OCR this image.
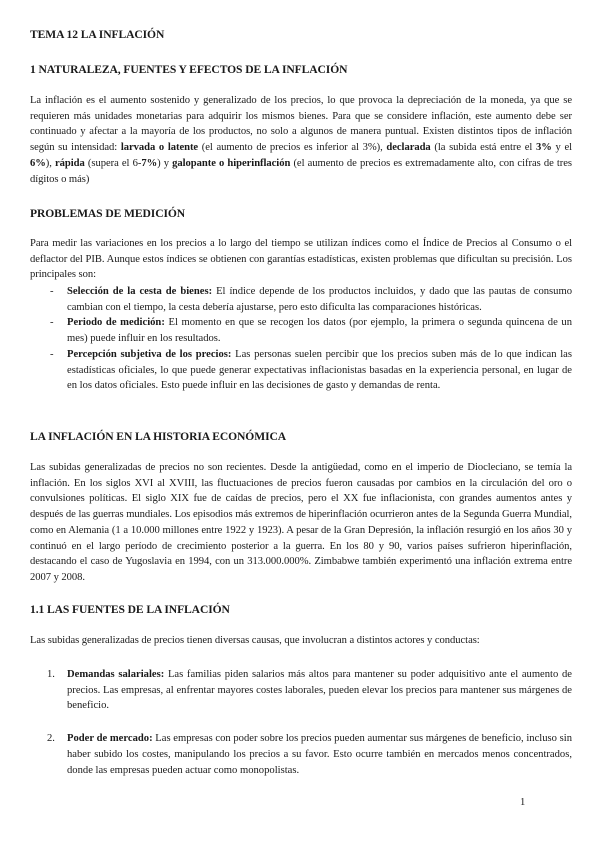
TEMA 12 LA INFLACIÓN
1 NATURALEZA, FUENTES Y EFECTOS DE LA INFLACIÓN

La inflación es el aumento sostenido y generalizado de los precios, lo que provoca la depreciación de la moneda, ya que se requieren más unidades monetarias para adquirir los mismos bienes. Para que se considere inflación, este aumento debe ser continuado y afectar a la mayoría de los productos, no solo a algunos de manera puntual. Existen distintos tipos de inflación según su intensidad: larvada o latente (el aumento de precios es inferior al 3%), declarada (la subida está entre el 3% y el 6%), rápida (supera el 6-7%) y galopante o hiperinflación (el aumento de precios es extremadamente alto, con cifras de tres dígitos o más)

PROBLEMAS DE MEDICIÓN

Para medir las variaciones en los precios a lo largo del tiempo se utilizan índices como el Índice de Precios al Consumo o el deflactor del PIB. Aunque estos índices se obtienen con garantías estadísticas, existen problemas que dificultan su precisión. Los principales son:

- Selección de la cesta de bienes: El índice depende de los productos incluidos, y dado que las pautas de consumo cambian con el tiempo, la cesta debería ajustarse, pero esto dificulta las comparaciones históricas.
- Periodo de medición: El momento en que se recogen los datos (por ejemplo, la primera o segunda quincena de un mes) puede influir en los resultados.
- Percepción subjetiva de los precios: Las personas suelen percibir que los precios suben más de lo que indican las estadísticas oficiales, lo que puede generar expectativas inflacionistas basadas en la experiencia personal, en lugar de en los datos oficiales. Esto puede influir en las decisiones de gasto y demandas de renta.
LA INFLACIÓN EN LA HISTORIA ECONÓMICA

Las subidas generalizadas de precios no son recientes. Desde la antigüedad, como en el imperio de Diocleciano, se temía la inflación. En los siglos XVI al XVIII, las fluctuaciones de precios fueron causadas por cambios en la circulación del oro o convulsiones políticas. El siglo XIX fue de caídas de precios, pero el XX fue inflacionista, con grandes aumentos antes y después de las guerras mundiales. Los episodios más extremos de hiperinflación ocurrieron antes de la Segunda Guerra Mundial, como en Alemania (1 a 10.000 millones entre 1922 y 1923). A pesar de la Gran Depresión, la inflación resurgió en los años 30 y continuó en el largo período de crecimiento posterior a la guerra. En los 80 y 90, varios países sufrieron hiperinflación, destacando el caso de Yugoslavia en 1994, con un 313.000.000%. Zimbabwe también experimentó una inflación extrema entre 2007 y 2008.

1.1 LAS FUENTES DE LA INFLACIÓN

Las subidas generalizadas de precios tienen diversas causas, que involucran a distintos actores y conductas:

1. Demandas salariales: Las familias piden salarios más altos para mantener su poder adquisitivo ante el aumento de precios. Las empresas, al enfrentar mayores costes laborales, pueden elevar los precios para mantener sus márgenes de beneficio.
2. Poder de mercado: Las empresas con poder sobre los precios pueden aumentar sus márgenes de beneficio, incluso sin haber subido los costes, manipulando los precios a su favor. Esto ocurre también en mercados menos concentrados, donde las empresas pueden actuar como monopolistas.
1
